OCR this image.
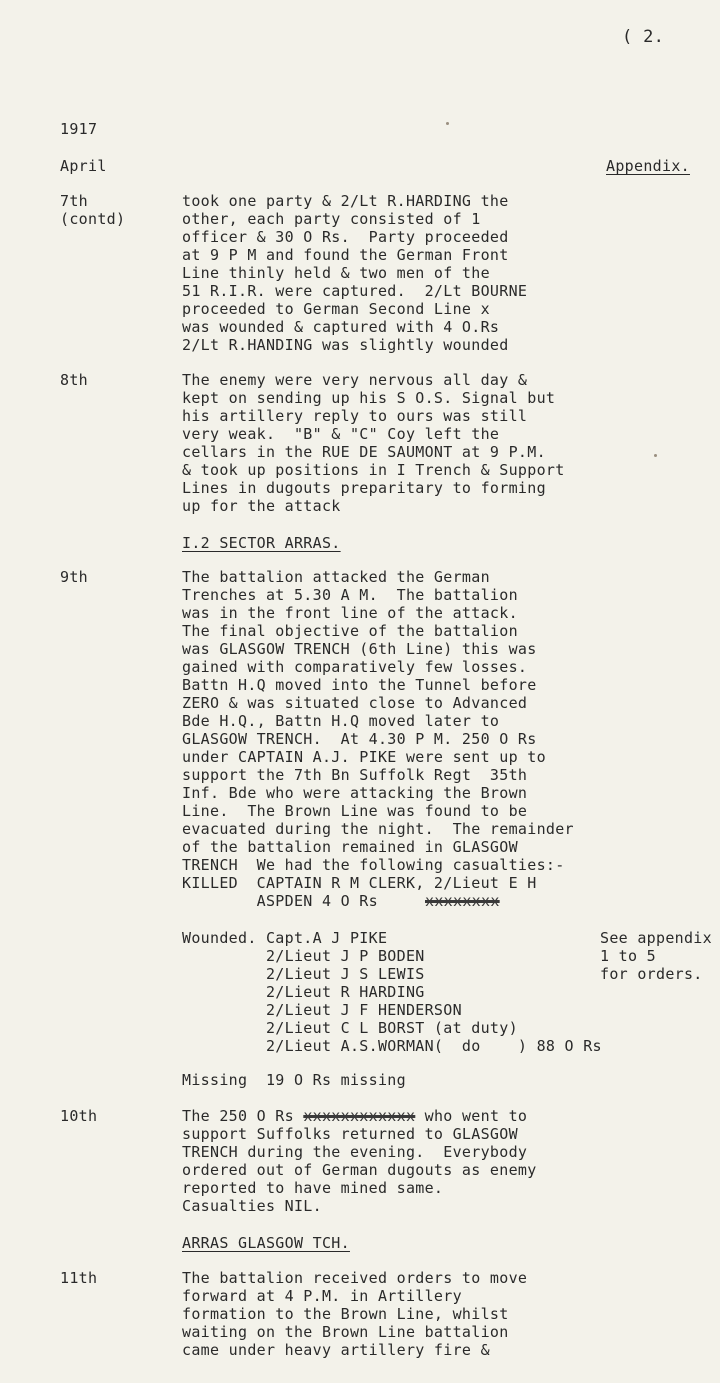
( 2.
1917
April	Appendix.
7th
(contd)
took one party & 2/Lt R.HARDING the
other, each party consisted of 1
officer & 30 O Rs.  Party proceeded
at 9 P M and found the German Front
Line thinly held & two men of the
51 R.I.R. were captured.  2/Lt BOURNE
proceeded to German Second Line x
was wounded & captured with 4 O.Rs
2/Lt R.HANDING was slightly wounded
8th	The enemy were very nervous all day &
kept on sending up his S O.S. Signal but
his artillery reply to ours was still
very weak.  "B" & "C" Coy left the
cellars in the RUE DE SAUMONT at 9 P.M.
& took up positions in I Trench & Support
Lines in dugouts preparitary to forming
up for the attack
I.2 SECTOR ARRAS.
9th	The battalion attacked the German
Trenches at 5.30 A M.  The battalion
was in the front line of the attack.
The final objective of the battalion
was GLASGOW TRENCH (6th Line) this was
gained with comparatively few losses.
Battn H.Q moved into the Tunnel before
ZERO & was situated close to Advanced
Bde H.Q., Battn H.Q moved later to
GLASGOW TRENCH.  At 4.30 P M. 250 O Rs
under CAPTAIN A.J. PIKE were sent up to
support the 7th Bn Suffolk Regt  35th
Inf. Bde who were attacking the Brown
Line.  The Brown Line was found to be
evacuated during the night.  The remainder
of the battalion remained in GLASGOW
TRENCH  We had the following casualties:-
KILLED  CAPTAIN R M CLERK, 2/Lieut E H
ASPDEN 4 O Rs	xxxxxxxx
Wounded. Capt.A J PIKE
2/Lieut J P BODEN
2/Lieut J S LEWIS
2/Lieut R HARDING
2/Lieut J F HENDERSON
2/Lieut C L BORST (at duty)
2/Lieut A.S.WORMAN(  do    ) 88 O Rs
See appendix
1 to 5
for orders.
Missing  19 O Rs missing
10th	The 250 O Rs xxxxxxxxxxxx who went to
support Suffolks returned to GLASGOW
TRENCH during the evening.  Everybody
ordered out of German dugouts as enemy
reported to have mined same.
Casualties NIL.
ARRAS GLASGOW TCH.
11th	The battalion received orders to move
forward at 4 P.M. in Artillery
formation to the Brown Line, whilst
waiting on the Brown Line battalion
came under heavy artillery fire &
